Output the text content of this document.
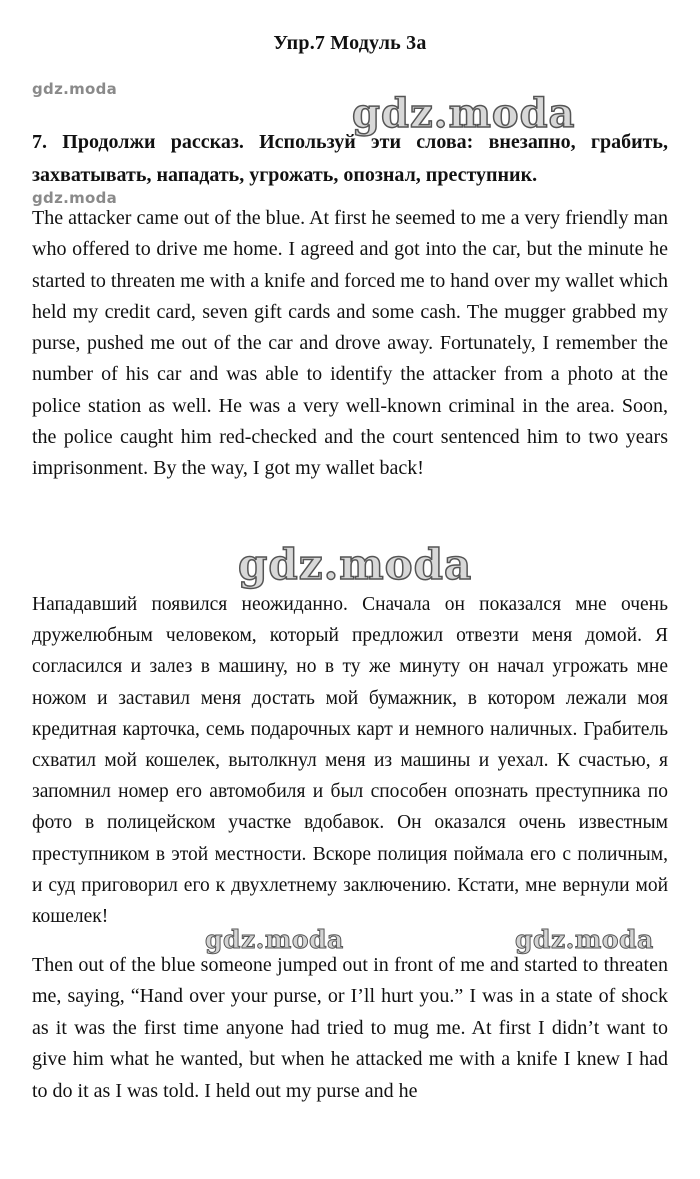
Упр.7 Модуль 3а
gdz.moda
gdz.moda
7. Продолжи рассказ. Используй эти слова: внезапно, грабить, захватывать, нападать, угрожать, опознал, преступник.
gdz.moda

The attacker came out of the blue. At first he seemed to me a very friendly man who offered to drive me home. I agreed and got into the car, but the minute he started to threaten me with a knife and forced me to hand over my wallet which held my credit card, seven gift cards and some cash. The mugger grabbed my purse, pushed me out of the car and drove away. Fortunately, I remember the number of his car and was able to identify the attacker from a photo at the police station as well. He was a very well-known criminal in the area. Soon, the police caught him red-checked and the court sentenced him to two years imprisonment. By the way, I got my wallet back!

gdz.moda

Нападавший появился неожиданно. Сначала он показался мне очень дружелюбным человеком, который предложил отвезти меня домой. Я согласился и залез в машину, но в ту же минуту он начал угрожать мне ножом и заставил меня достать мой бумажник, в котором лежали моя кредитная карточка, семь подарочных карт и немного наличных. Грабитель схватил мой кошелек, вытолкнул меня из машины и уехал. К счастью, я запомнил номер его автомобиля и был способен опознать преступника по фото в полицейском участке вдобавок. Он оказался очень известным преступником в этой местности. Вскоре полиция поймала его с поличным, и суд приговорил его к двухлетнему заключению. Кстати, мне вернули мой кошелек!

gdz.moda	gdz.moda

Then out of the blue someone jumped out in front of me and started to threaten me, saying, “Hand over your purse, or I’ll hurt you.” I was in a state of shock as it was the first time anyone had tried to mug me. At first I didn’t want to give him what he wanted, but when he attacked me with a knife I knew I had to do it as I was told. I held out my purse and he
